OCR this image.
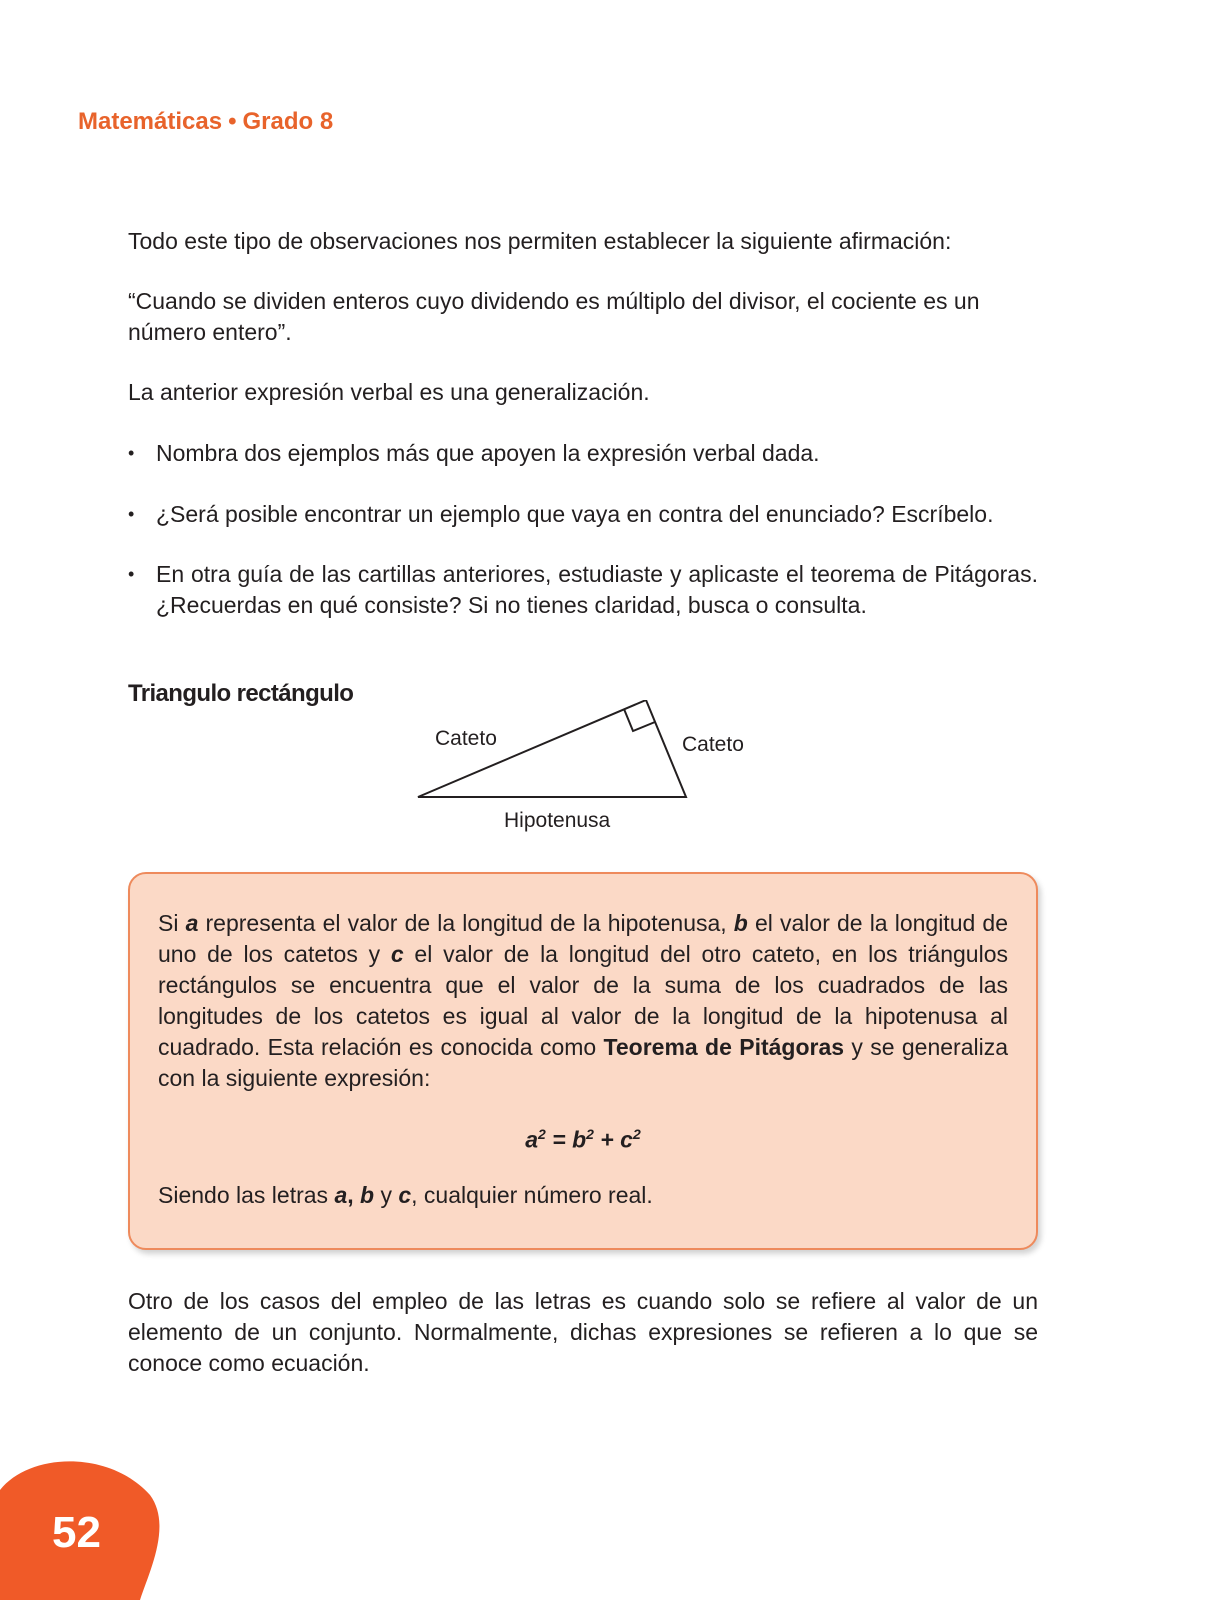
Matemáticas • Grado 8

Todo este tipo de observaciones nos permiten establecer la siguiente afirmación:

“Cuando se dividen enteros cuyo dividendo es múltiplo del divisor, el cociente es un número entero”.

La anterior expresión verbal es una generalización.

• Nombra dos ejemplos más que apoyen la expresión verbal dada.
• ¿Será posible encontrar un ejemplo que vaya en contra del enunciado? Escríbelo.
• En otra guía de las cartillas anteriores, estudiaste y aplicaste el teorema de Pitágoras. ¿Recuerdas en qué consiste? Si no tienes claridad, busca o consulta.
Triangulo rectángulo
Cateto	Cateto
Hipotenusa
Si a representa el valor de la longitud de la hipotenusa, b el valor de la longitud de uno de los catetos y c el valor de la longitud del otro cateto, en los triángulos rectángulos se encuentra que el valor de la suma de los cuadrados de las longitudes de los catetos es igual al valor de la longitud de la hipotenusa al cuadrado. Esta relación es conocida como Teorema de Pitágoras y se generaliza con la siguiente expresión:
$a^2 = b^2 + c^2$
Siendo las letras a, b y c, cualquier número real.

Otro de los casos del empleo de las letras es cuando solo se refiere al valor de un elemento de un conjunto. Normalmente, dichas expresiones se refieren a lo que se conoce como ecuación.

52
